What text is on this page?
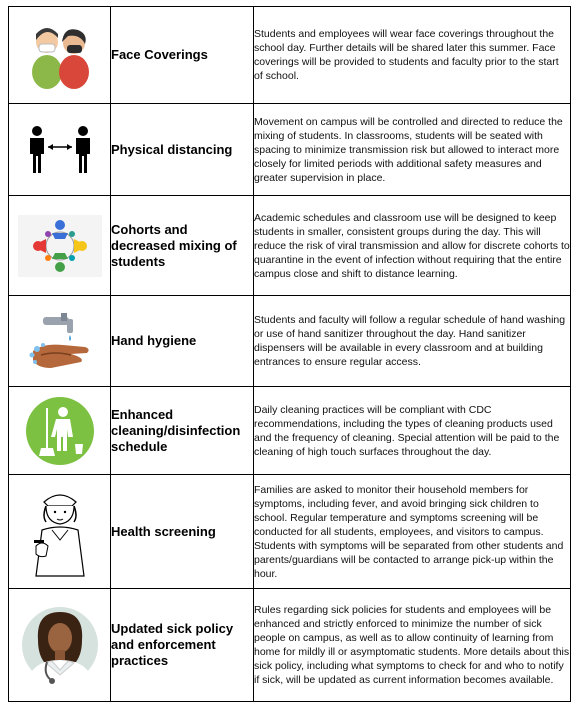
	Face Coverings	Students and employees will wear face coverings throughout the school day. Further details will be shared later this summer. Face coverings will be provided to students and faculty prior to the start of school.

	Physical distancing	Movement on campus will be controlled and directed to reduce the mixing of students. In classrooms, students will be seated with spacing to minimize transmission risk but allowed to interact more closely for limited periods with additional safety measures and greater supervision in place.

	Cohorts and decreased mixing of students	Academic schedules and classroom use will be designed to keep students in smaller, consistent groups during the day. This will reduce the risk of viral transmission and allow for discrete cohorts to quarantine in the event of infection without requiring that the entire campus close and shift to distance learning.

	Hand hygiene	Students and faculty will follow a regular schedule of hand washing or use of hand sanitizer throughout the day. Hand sanitizer dispensers will be available in every classroom and at building entrances to ensure regular access.

	Enhanced cleaning/disinfection schedule	Daily cleaning practices will be compliant with CDC recommendations, including the types of cleaning products used and the frequency of cleaning. Special attention will be paid to the cleaning of high touch surfaces throughout the day.

	Health screening	Families are asked to monitor their household members for symptoms, including fever, and avoid bringing sick children to school. Regular temperature and symptoms screening will be conducted for all students, employees, and visitors to campus. Students with symptoms will be separated from other students and parents/guardians will be contacted to arrange pick-up within the hour.

	Updated sick policy and enforcement practices	Rules regarding sick policies for students and employees will be enhanced and strictly enforced to minimize the number of sick people on campus, as well as to allow continuity of learning from home for mildly ill or asymptomatic students. More details about this sick policy, including what symptoms to check for and who to notify if sick, will be updated as current information becomes available.
